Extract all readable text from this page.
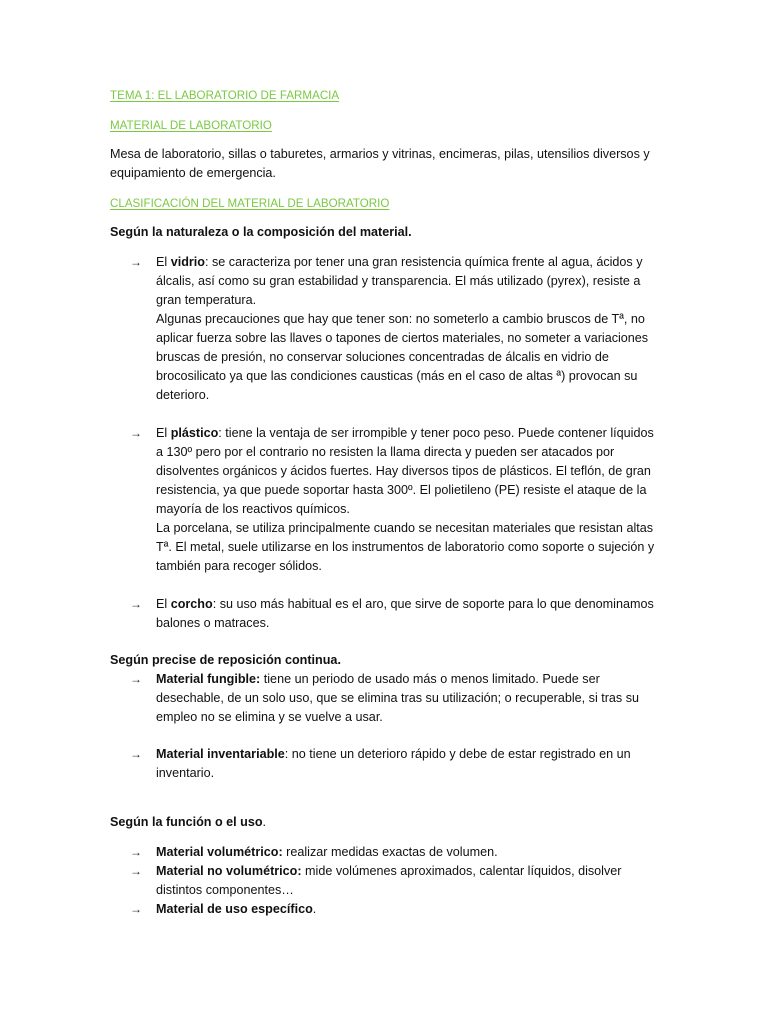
TEMA 1: EL LABORATORIO DE FARMACIA

MATERIAL DE LABORATORIO

Mesa de laboratorio, sillas o taburetes, armarios y vitrinas, encimeras, pilas, utensilios diversos y equipamiento de emergencia.

CLASIFICACIÓN DEL MATERIAL DE LABORATORIO

Según la naturaleza o la composición del material.

→ El vidrio: se caracteriza por tener una gran resistencia química frente al agua, ácidos y álcalis, así como su gran estabilidad y transparencia. El más utilizado (pyrex), resiste a gran temperatura.

Algunas precauciones que hay que tener son: no someterlo a cambio bruscos de Tª, no aplicar fuerza sobre las llaves o tapones de ciertos materiales, no someter a variaciones bruscas de presión, no conservar soluciones concentradas de álcalis en vidrio de brocosilicato ya que las condiciones causticas (más en el caso de altas ª) provocan su deterioro.

→ El plástico: tiene la ventaja de ser irrompible y tener poco peso. Puede contener líquidos a 130º pero por el contrario no resisten la llama directa y pueden ser atacados por disolventes orgánicos y ácidos fuertes. Hay diversos tipos de plásticos. El teflón, de gran resistencia, ya que puede soportar hasta 300º. El polietileno (PE) resiste el ataque de la mayoría de los reactivos químicos.

La porcelana, se utiliza principalmente cuando se necesitan materiales que resistan altas Tª. El metal, suele utilizarse en los instrumentos de laboratorio como soporte o sujeción y también para recoger sólidos.

→ El corcho: su uso más habitual es el aro, que sirve de soporte para lo que denominamos balones o matraces.

Según precise de reposición continua.

→ Material fungible: tiene un periodo de usado más o menos limitado. Puede ser desechable, de un solo uso, que se elimina tras su utilización; o recuperable, si tras su empleo no se elimina y se vuelve a usar.

→ Material inventariable: no tiene un deterioro rápido y debe de estar registrado en un inventario.

Según la función o el uso.

→ Material volumétrico: realizar medidas exactas de volumen.

→ Material no volumétrico: mide volúmenes aproximados, calentar líquidos, disolver distintos componentes…

→ Material de uso específico.
